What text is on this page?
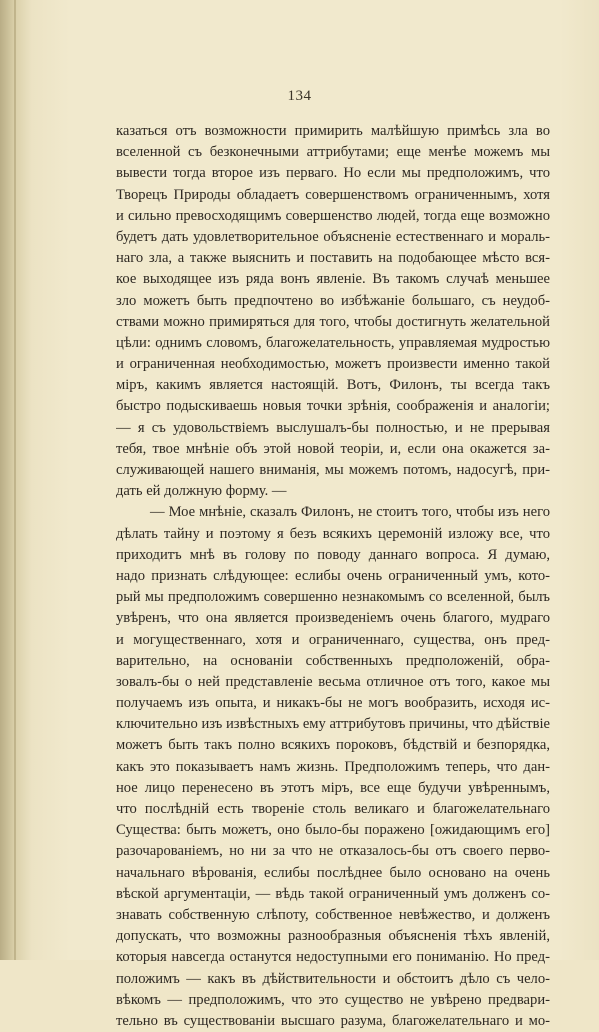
134
казаться отъ возможности примирить малѣйшую примѣсь зла во
вселенной съ безконечными аттрибутами; еще менѣе можемъ мы
вывести тогда второе изъ перваго. Но если мы предположимъ, что
Творецъ Природы обладаетъ совершенствомъ ограниченнымъ, хотя
и сильно превосходящимъ совершенство людей, тогда еще возможно
будетъ дать удовлетворительное объясненіе естественнаго и мораль-
наго зла, а также выяснить и поставить на подобающее мѣсто вся-
кое выходящее изъ ряда вонъ явленіе. Въ такомъ случаѣ меньшее
зло можетъ быть предпочтено во избѣжаніе большаго, съ неудоб-
ствами можно примиряться для того, чтобы достигнуть желательной
цѣли: однимъ словомъ, благожелательность, управляемая мудростью
и ограниченная необходимостью, можетъ произвести именно такой
міръ, какимъ является настоящій. Вотъ, Филонъ, ты всегда такъ
быстро подыскиваешь новыя точки зрѣнія, соображенія и аналогіи;
— я съ удовольствіемъ выслушалъ-бы полностью, и не прерывая
тебя, твое мнѣніе объ этой новой теоріи, и, если она окажется за-
служивающей нашего вниманія, мы можемъ потомъ, надосугѣ, при-
дать ей должную форму. —
— Мое мнѣніе, сказалъ Филонъ, не стоитъ того, чтобы изъ него
дѣлать тайну и поэтому я безъ всякихъ церемоній изложу все, что
приходитъ мнѣ въ голову по поводу даннаго вопроса. Я думаю,
надо признать слѣдующее: еслибы очень ограниченный умъ, кото-
рый мы предположимъ совершенно незнакомымъ со вселенной, былъ
увѣренъ, что она является произведеніемъ очень благого, мудраго
и могущественнаго, хотя и ограниченнаго, существа, онъ пред-
варительно, на основаніи собственныхъ предположеній, обра-
зовалъ-бы о ней представленіе весьма отличное отъ того, какое мы
получаемъ изъ опыта, и никакъ-бы не могъ вообразить, исходя ис-
ключительно изъ извѣстныхъ ему аттрибутовъ причины, что дѣйствіе
можетъ быть такъ полно всякихъ пороковъ, бѣдствій и безпорядка,
какъ это показываетъ намъ жизнь. Предположимъ теперь, что дан-
ное лицо перенесено въ этотъ міръ, все еще будучи увѣреннымъ,
что послѣдній есть твореніе столь великаго и благожелательнаго
Существа: быть можетъ, оно было-бы поражено [ожидающимъ его]
разочарованіемъ, но ни за что не отказалось-бы отъ своего перво-
начальнаго вѣрованія, еслибы послѣднее было основано на очень
вѣской аргументаціи, — вѣдь такой ограниченный умъ долженъ со-
знавать собственную слѣпоту, собственное невѣжество, и долженъ
допускать, что возможны разнообразныя объясненія тѣхъ явленій,
которыя навсегда останутся недоступными его пониманію. Но пред-
положимъ — какъ въ дѣйствительности и обстоитъ дѣло съ чело-
вѣкомъ — предположимъ, что это существо не увѣрено предвари-
тельно въ существованіи высшаго разума, благожелательнаго и мо-
